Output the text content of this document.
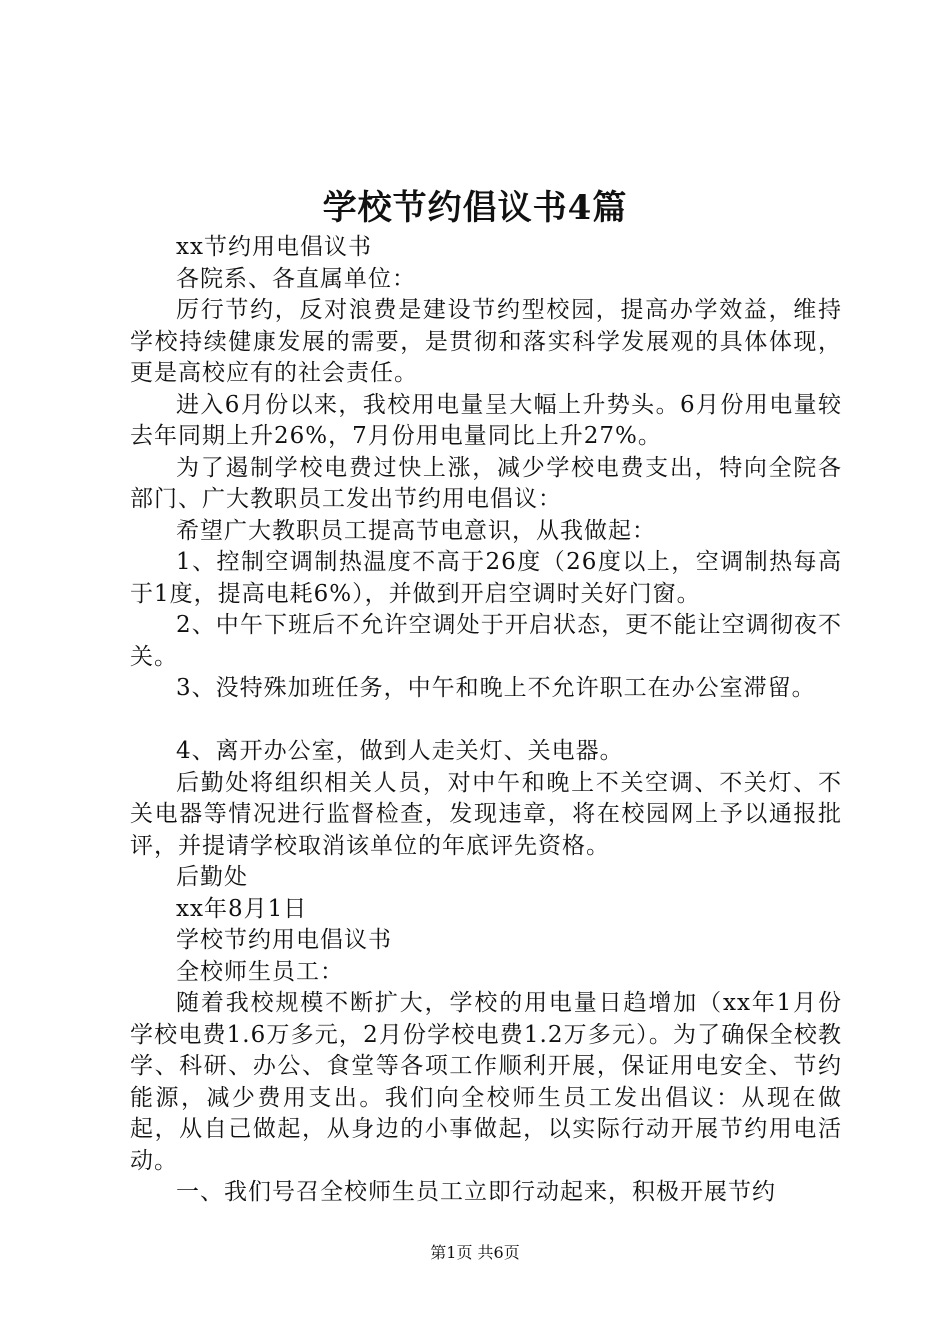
学校节约倡议书4篇

xx节约用电倡议书

各院系、各直属单位：

厉行节约，反对浪费是建设节约型校园，提高办学效益，维持学校持续健康发展的需要，是贯彻和落实科学发展观的具体体现，更是高校应有的社会责任。

进入6月份以来，我校用电量呈大幅上升势头。6月份用电量较去年同期上升26%，7月份用电量同比上升27%。

为了遏制学校电费过快上涨，减少学校电费支出，特向全院各部门、广大教职员工发出节约用电倡议：

希望广大教职员工提高节电意识，从我做起：

1、控制空调制热温度不高于26度（26度以上，空调制热每高于1度，提高电耗6%），并做到开启空调时关好门窗。

2、中午下班后不允许空调处于开启状态，更不能让空调彻夜不关。

3、没特殊加班任务，中午和晚上不允许职工在办公室滞留。

4、离开办公室，做到人走关灯、关电器。

后勤处将组织相关人员，对中午和晚上不关空调、不关灯、不关电器等情况进行监督检查，发现违章，将在校园网上予以通报批评，并提请学校取消该单位的年底评先资格。

后勤处

xx年8月1日

学校节约用电倡议书

全校师生员工：

随着我校规模不断扩大，学校的用电量日趋增加（xx年1月份学校电费1.6万多元，2月份学校电费1.2万多元）。为了确保全校教学、科研、办公、食堂等各项工作顺利开展，保证用电安全、节约能源，减少费用支出。我们向全校师生员工发出倡议：从现在做起，从自己做起，从身边的小事做起，以实际行动开展节约用电活动。

一、我们号召全校师生员工立即行动起来，积极开展节约

第1页 共6页
